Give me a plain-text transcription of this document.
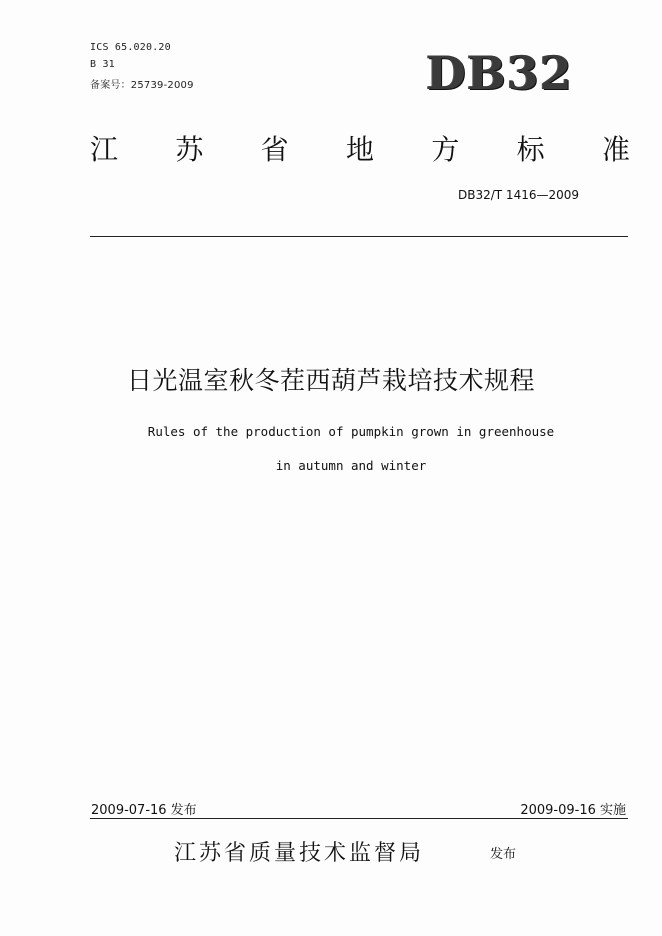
ICS 65.020.20
B 31
备案号：25739-2009	DB32
江 苏 省 地 方 标 准
DB32/T 1416—2009
日光温室秋冬茬西葫芦栽培技术规程
Rules of the production of pumpkin grown in greenhouse
in autumn and winter
2009-07-16 发布	2009-09-16 实施
江苏省质量技术监督局	发布
